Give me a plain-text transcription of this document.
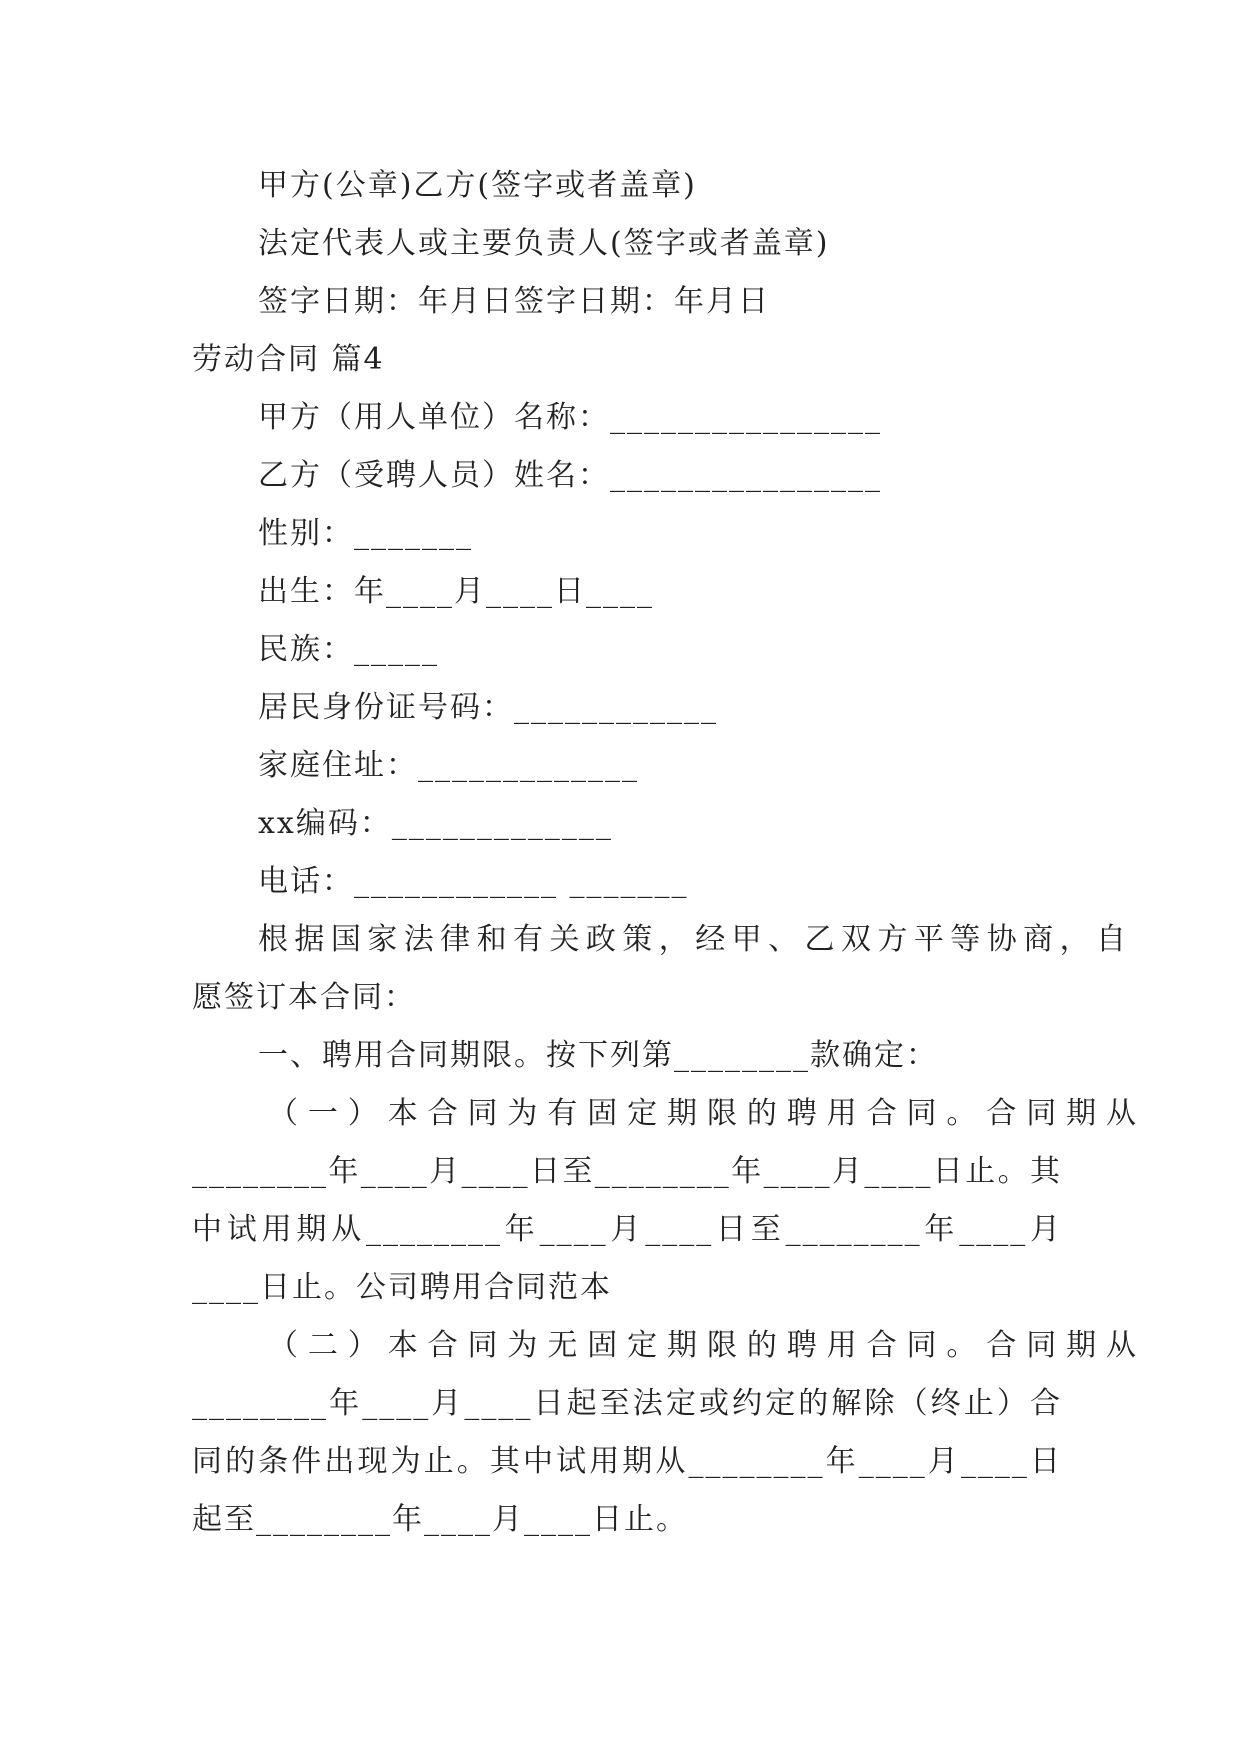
甲方(公章)乙方(签字或者盖章)
法定代表人或主要负责人(签字或者盖章)
签字日期：年月日签字日期：年月日
劳动合同 篇4
甲方（用人单位）名称：________________
乙方（受聘人员）姓名：________________
性别：_______
出生：年____月____日____
民族：_____
居民身份证号码：____________
家庭住址：_____________
xx编码：_____________
电话：____________ _______
根据国家法律和有关政策，经甲、乙双方平等协商，自
愿签订本合同：
一、聘用合同期限。按下列第________款确定：
（一）本合同为有固定期限的聘用合同。合同期从
________年____月____日至________年____月____日止。其
中试用期从________年____月____日至________年____月
____日止。公司聘用合同范本
（二）本合同为无固定期限的聘用合同。合同期从
________年____月____日起至法定或约定的解除（终止）合
同的条件出现为止。其中试用期从________年____月____日
起至________年____月____日止。
